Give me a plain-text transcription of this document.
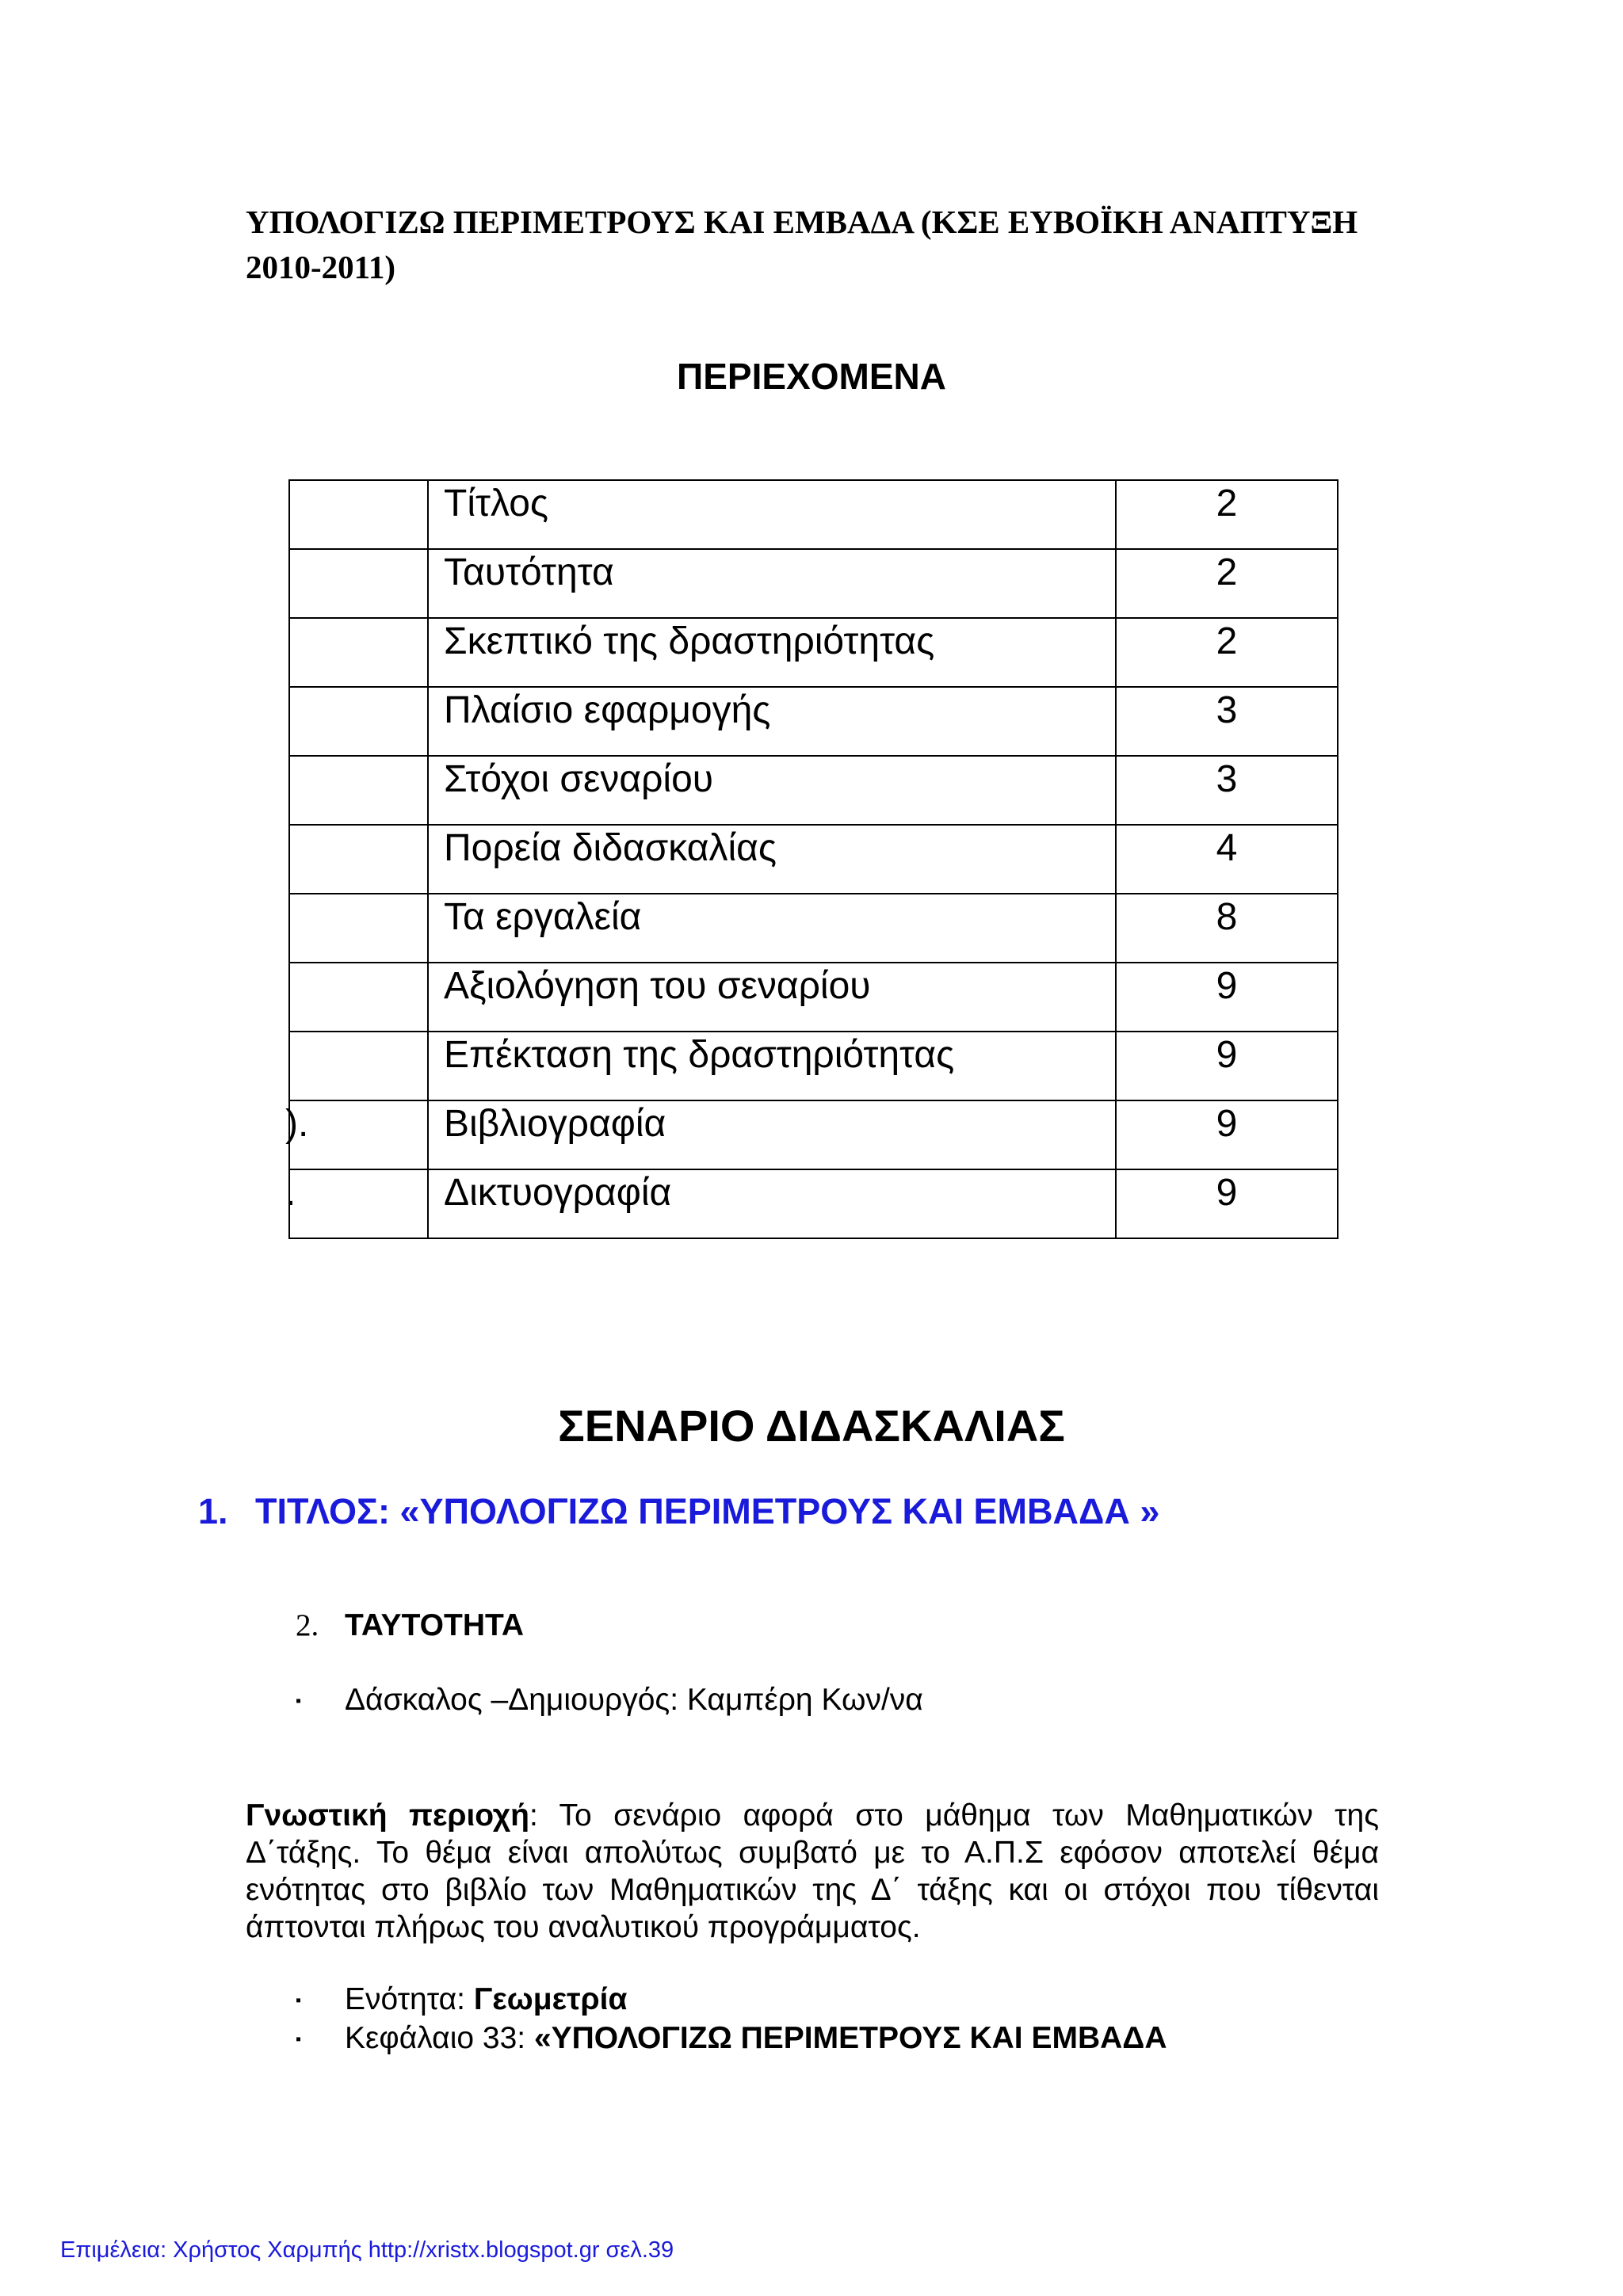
ΥΠΟΛΟΓΙΖΩ ΠΕΡΙΜΕΤΡΟΥΣ ΚΑΙ ΕΜΒΑΔΑ (ΚΣΕ ΕΥΒΟΪΚΗ ΑΝΑΠΤΥΞΗ 2010-2011)
ΠΕΡΙΕΧΟΜΕΝΑ
	Τίτλος	2
	Ταυτότητα	2
	Σκεπτικό της δραστηριότητας	2
	Πλαίσιο εφαρμογής	3
	Στόχοι σεναρίου	3
	Πορεία διδασκαλίας	4
	Τα εργαλεία	8
	Αξιολόγηση του σεναρίου	9
	Επέκταση της δραστηριότητας	9
).	Βιβλιογραφία	9
.	Δικτυογραφία	9
ΣΕΝΑΡΙΟ ΔΙΔΑΣΚΑΛΙΑΣ
1. ΤΙΤΛΟΣ: «ΥΠΟΛΟΓΙΖΩ ΠΕΡΙΜΕΤΡΟΥΣ ΚΑΙ ΕΜΒΑΔΑ »
2. ΤΑΥΤΟΤΗΤΑ
▪ Δάσκαλος –Δημιουργός: Καμπέρη Κων/να

Γνωστική περιοχή: Το σενάριο αφορά στο μάθημα των Μαθηματικών της Δ΄τάξης. Το θέμα είναι απολύτως συμβατό με το Α.Π.Σ εφόσον αποτελεί θέμα ενότητας στο βιβλίο των Μαθηματικών της Δ΄ τάξης και οι στόχοι που τίθενται άπτονται πλήρως του αναλυτικού προγράμματος.

▪ Ενότητα: Γεωμετρία
▪ Κεφάλαιο 33: «ΥΠΟΛΟΓΙΖΩ ΠΕΡΙΜΕΤΡΟΥΣ ΚΑΙ ΕΜΒΑΔΑ
Επιμέλεια: Χρήστος Χαρμπής http://xristx.blogspot.gr σελ.39
